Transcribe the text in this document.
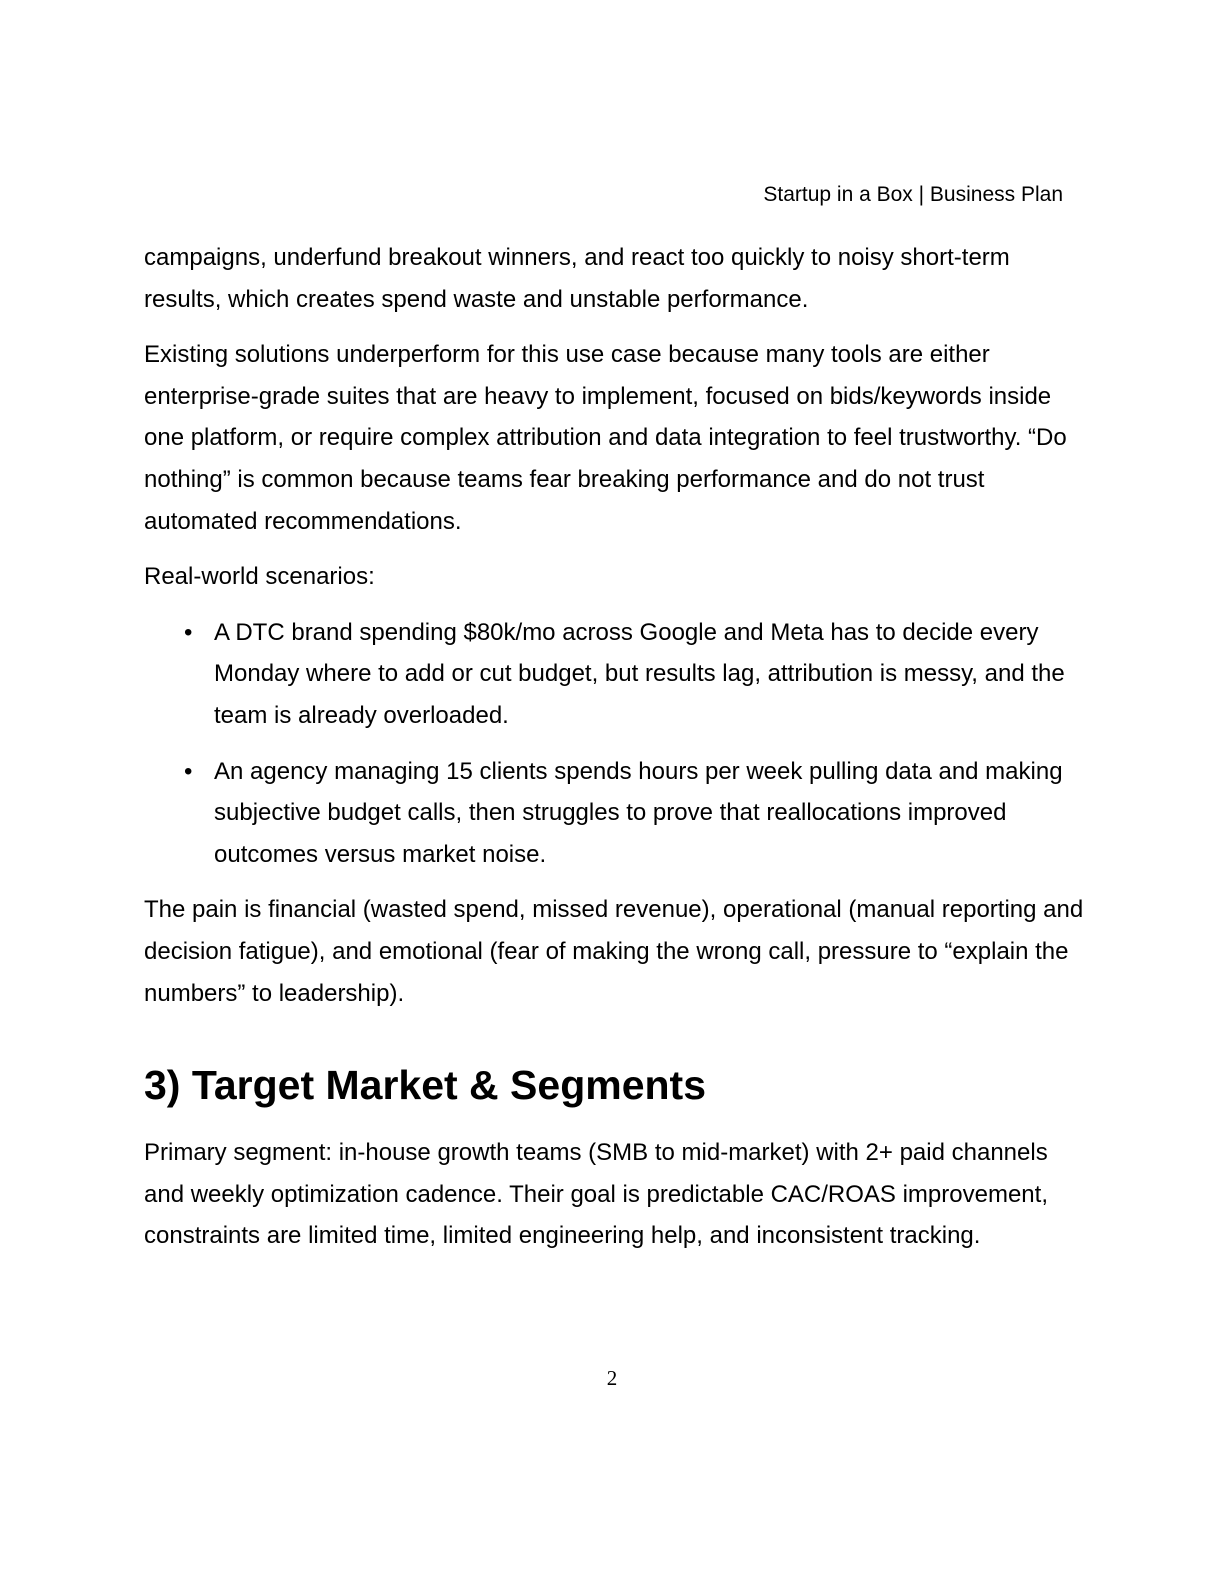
Startup in a Box | Business Plan

campaigns, underfund breakout winners, and react too quickly to noisy short-term results, which creates spend waste and unstable performance.

Existing solutions underperform for this use case because many tools are either enterprise-grade suites that are heavy to implement, focused on bids/keywords inside one platform, or require complex attribution and data integration to feel trustworthy. “Do nothing” is common because teams fear breaking performance and do not trust automated recommendations.

Real-world scenarios:

• A DTC brand spending $80k/mo across Google and Meta has to decide every Monday where to add or cut budget, but results lag, attribution is messy, and the team is already overloaded.
• An agency managing 15 clients spends hours per week pulling data and making subjective budget calls, then struggles to prove that reallocations improved outcomes versus market noise.

The pain is financial (wasted spend, missed revenue), operational (manual reporting and decision fatigue), and emotional (fear of making the wrong call, pressure to “explain the numbers” to leadership).

3) Target Market & Segments

Primary segment: in-house growth teams (SMB to mid-market) with 2+ paid channels and weekly optimization cadence. Their goal is predictable CAC/ROAS improvement, constraints are limited time, limited engineering help, and inconsistent tracking.

2
